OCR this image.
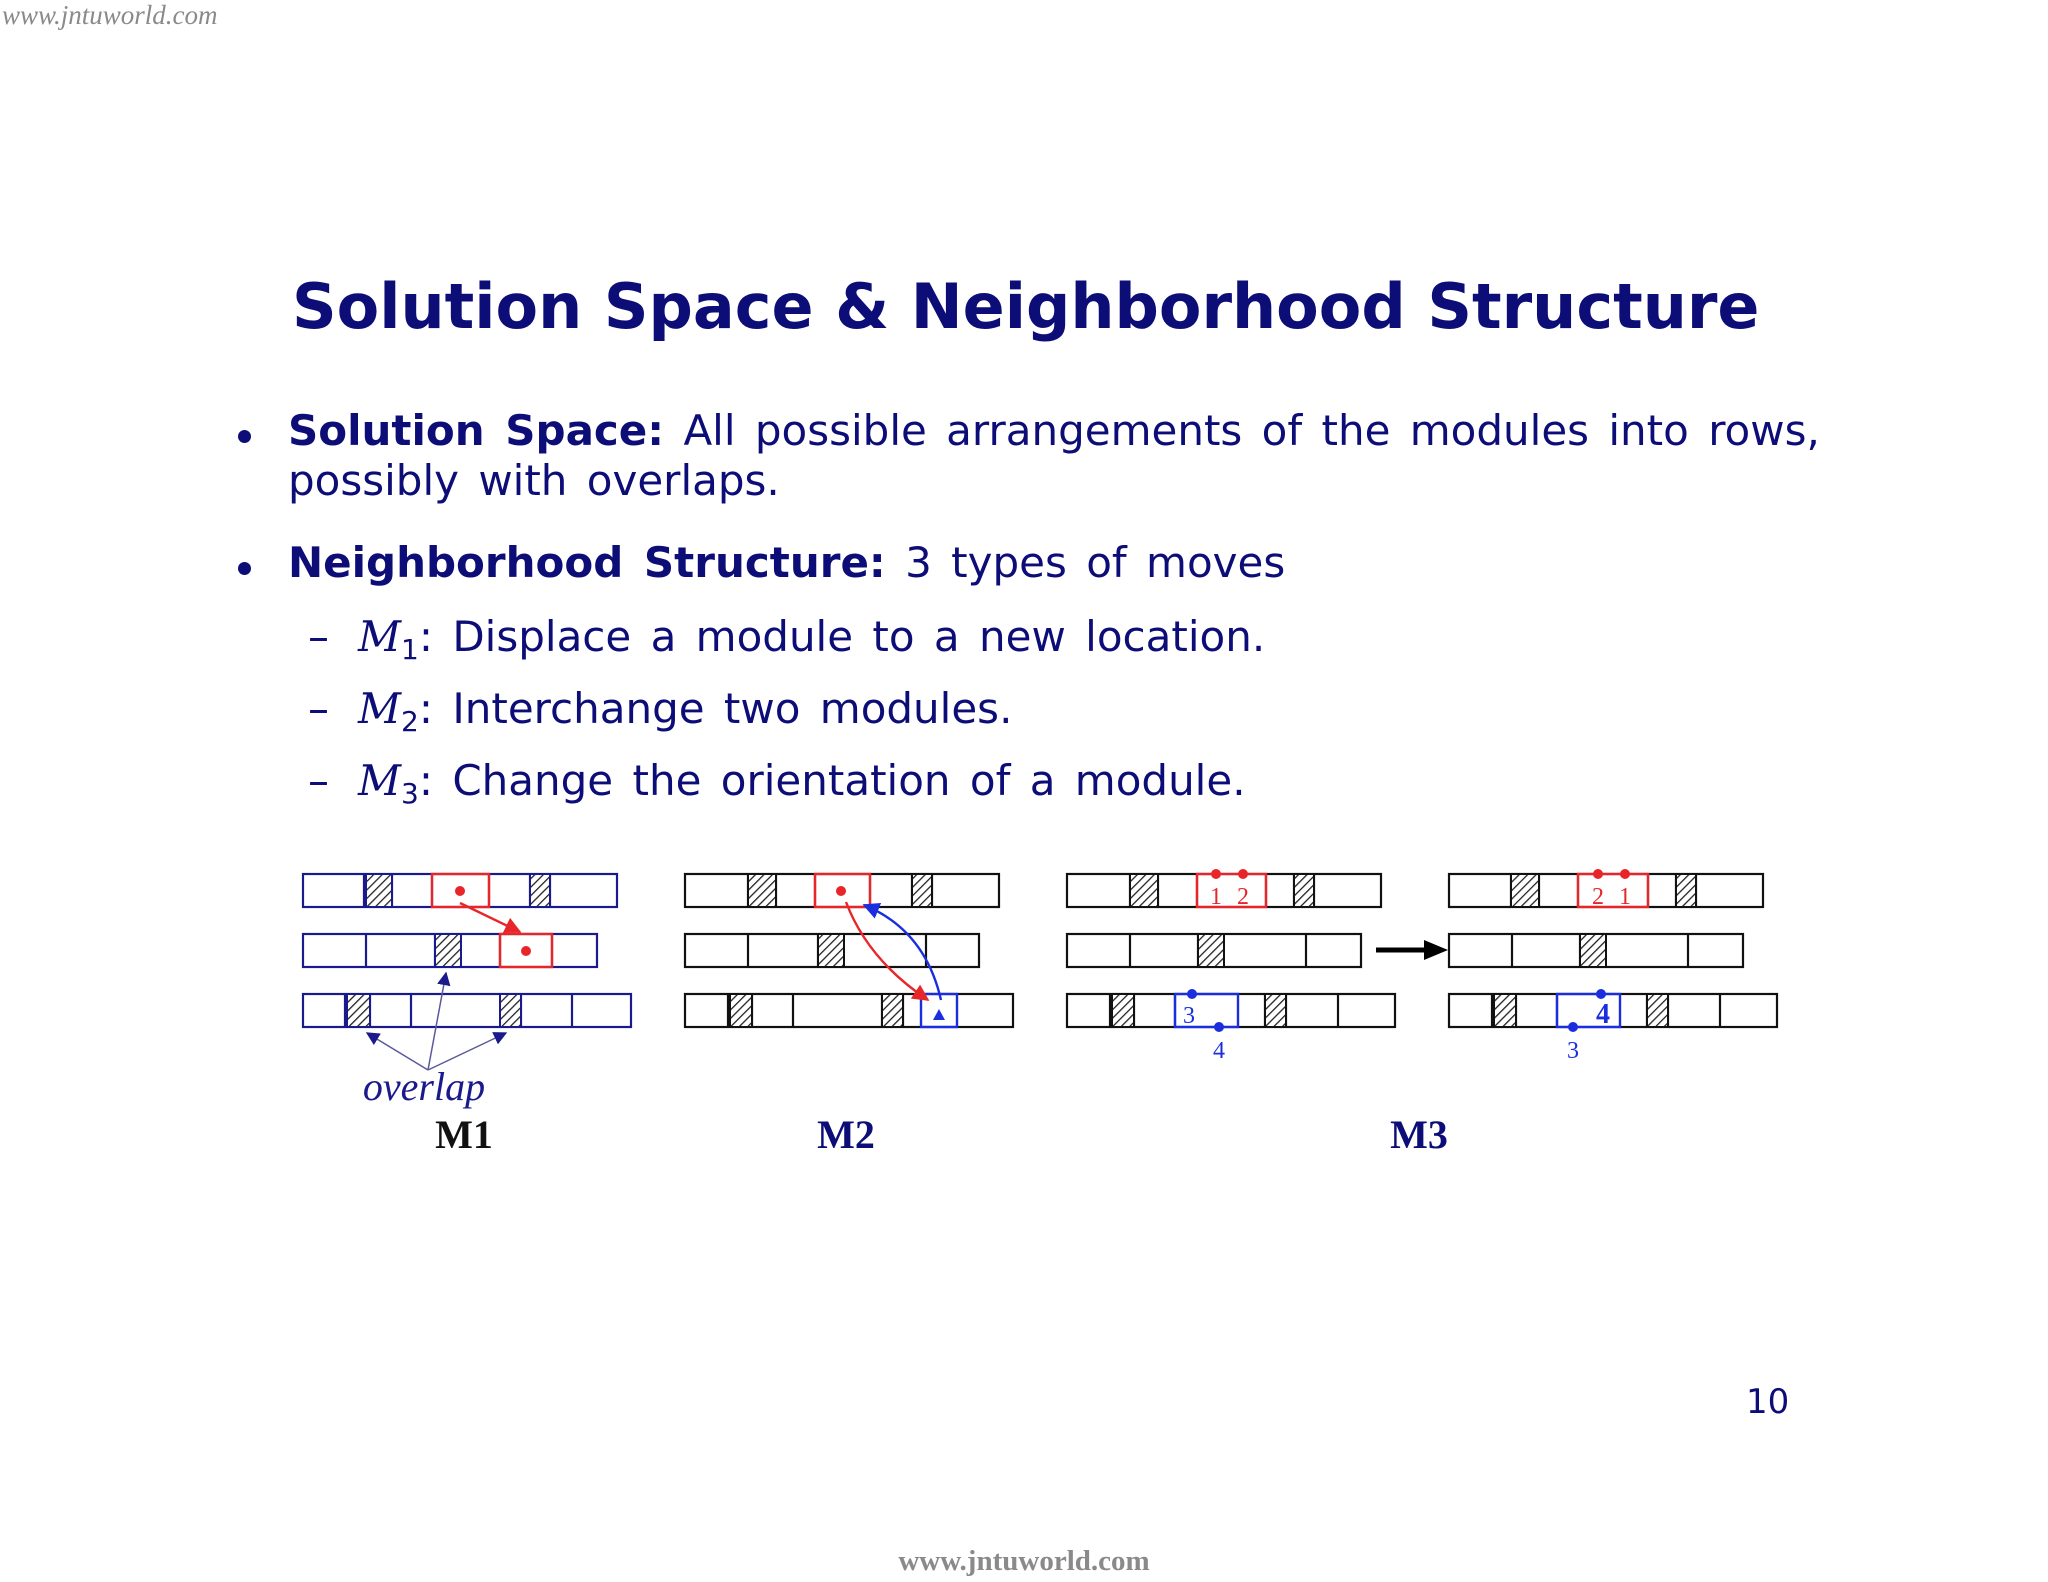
www.jntuworld.com
Solution Space & Neighborhood Structure
Solution Space: All possible arrangements of the modules into rows, possibly with overlaps.
Neighborhood Structure: 3 types of moves
– $M_1$: Displace a module to a new location.
– $M_2$: Interchange two modules.
– $M_3$: Change the orientation of a module.
overlap
M1	M2
1 2
3
4
2 1
4
3
M3
10
www.jntuworld.com
